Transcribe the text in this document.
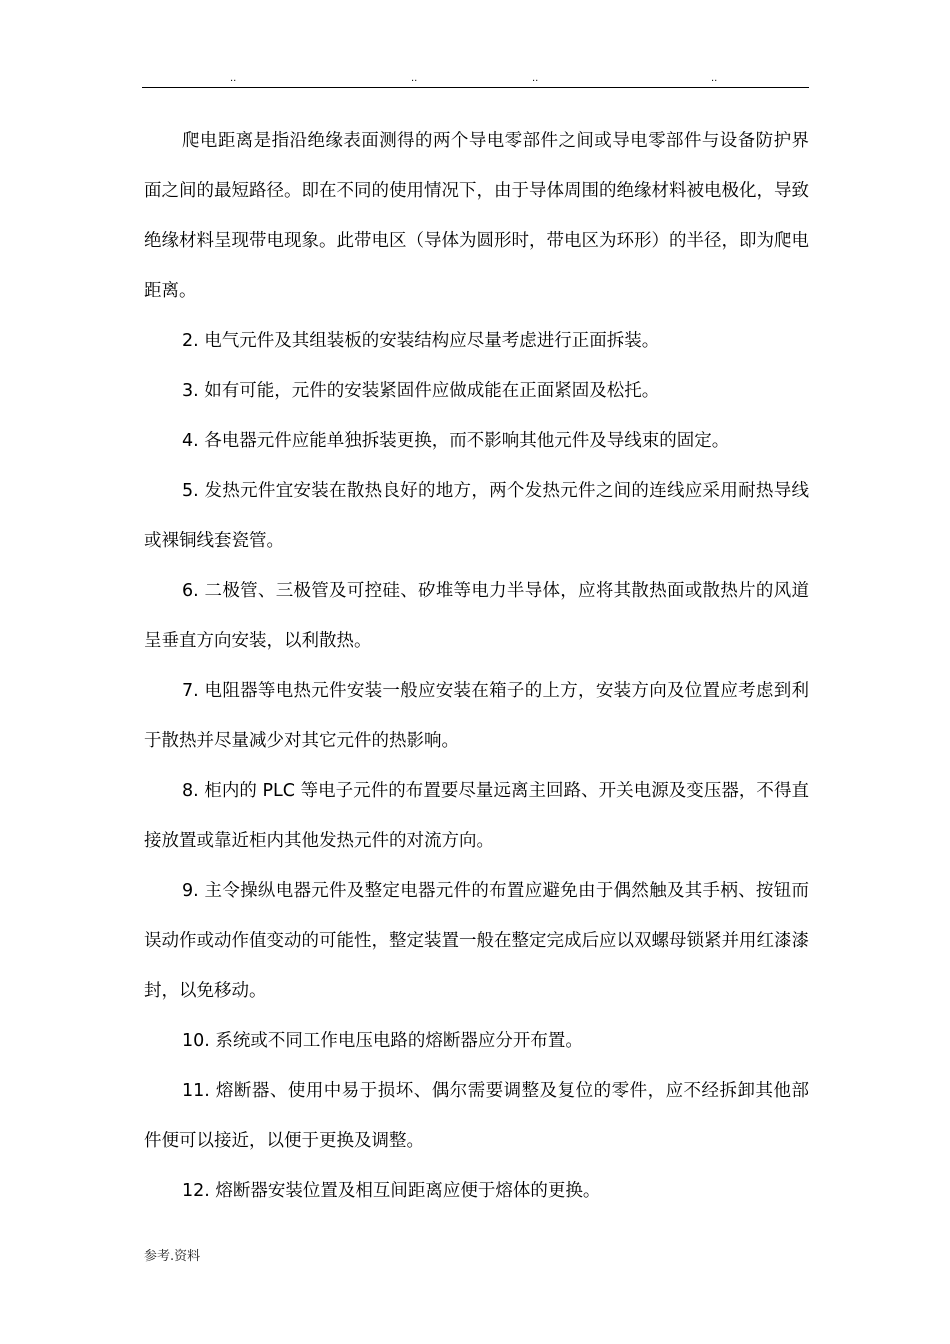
..	..	..	..

爬电距离是指沿绝缘表面测得的两个导电零部件之间或导电零部件与设备防护界面之间的最短路径。即在不同的使用情况下，由于导体周围的绝缘材料被电极化，导致绝缘材料呈现带电现象。此带电区（导体为圆形时，带电区为环形）的半径，即为爬电距离。

2. 电气元件及其组装板的安装结构应尽量考虑进行正面拆装。

3. 如有可能，元件的安装紧固件应做成能在正面紧固及松托。

4. 各电器元件应能单独拆装更换，而不影响其他元件及导线束的固定。

5. 发热元件宜安装在散热良好的地方，两个发热元件之间的连线应采用耐热导线或裸铜线套瓷管。

6. 二极管、三极管及可控硅、矽堆等电力半导体，应将其散热面或散热片的风道呈垂直方向安装，以利散热。

7. 电阻器等电热元件安装一般应安装在箱子的上方，安装方向及位置应考虑到利于散热并尽量减少对其它元件的热影响。

8. 柜内的 PLC 等电子元件的布置要尽量远离主回路、开关电源及变压器，不得直接放置或靠近柜内其他发热元件的对流方向。

9. 主令操纵电器元件及整定电器元件的布置应避免由于偶然触及其手柄、按钮而误动作或动作值变动的可能性，整定装置一般在整定完成后应以双螺母锁紧并用红漆漆封，以免移动。

10. 系统或不同工作电压电路的熔断器应分开布置。

11. 熔断器、使用中易于损坏、偶尔需要调整及复位的零件，应不经拆卸其他部件便可以接近，以便于更换及调整。

12. 熔断器安装位置及相互间距离应便于熔体的更换。

参考.资料
